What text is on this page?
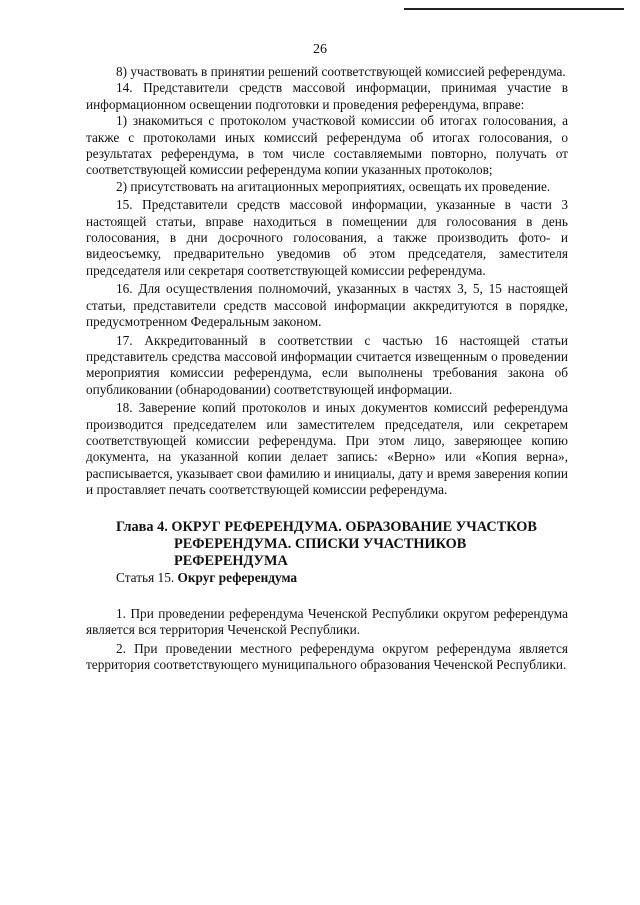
26

8) участвовать в принятии решений соответствующей комиссией референдума.

14. Представители средств массовой информации, принимая участие в информационном освещении подготовки и проведения референдума, вправе:

1) знакомиться с протоколом участковой комиссии об итогах голосования, а также с протоколами иных комиссий референдума об итогах голосования, о результатах референдума, в том числе составляемыми повторно, получать от соответствующей комиссии референдума копии указанных протоколов;

2) присутствовать на агитационных мероприятиях, освещать их проведение.

15. Представители средств массовой информации, указанные в части 3 настоящей статьи, вправе находиться в помещении для голосования в день голосования, в дни досрочного голосования, а также производить фото- и видеосъемку, предварительно уведомив об этом председателя, заместителя председателя или секретаря соответствующей комиссии референдума.

16. Для осуществления полномочий, указанных в частях 3, 5, 15 настоящей статьи, представители средств массовой информации аккредитуются в порядке, предусмотренном Федеральным законом.

17. Аккредитованный в соответствии с частью 16 настоящей статьи представитель средства массовой информации считается извещенным о проведении мероприятия комиссии референдума, если выполнены требования закона об опубликовании (обнародовании) соответствующей информации.

18. Заверение копий протоколов и иных документов комиссий референдума производится председателем или заместителем председателя, или секретарем соответствующей комиссии референдума. При этом лицо, заверяющее копию документа, на указанной копии делает запись: «Верно» или «Копия верна», расписывается, указывает свои фамилию и инициалы, дату и время заверения копии и проставляет печать соответствующей комиссии референдума.

Глава 4. ОКРУГ РЕФЕРЕНДУМА. ОБРАЗОВАНИЕ УЧАСТКОВ РЕФЕРЕНДУМА. СПИСКИ УЧАСТНИКОВ РЕФЕРЕНДУМА

Статья 15. Округ референдума

1. При проведении референдума Чеченской Республики округом референдума является вся территория Чеченской Республики.

2. При проведении местного референдума округом референдума является территория соответствующего муниципального образования Чеченской Республики.
